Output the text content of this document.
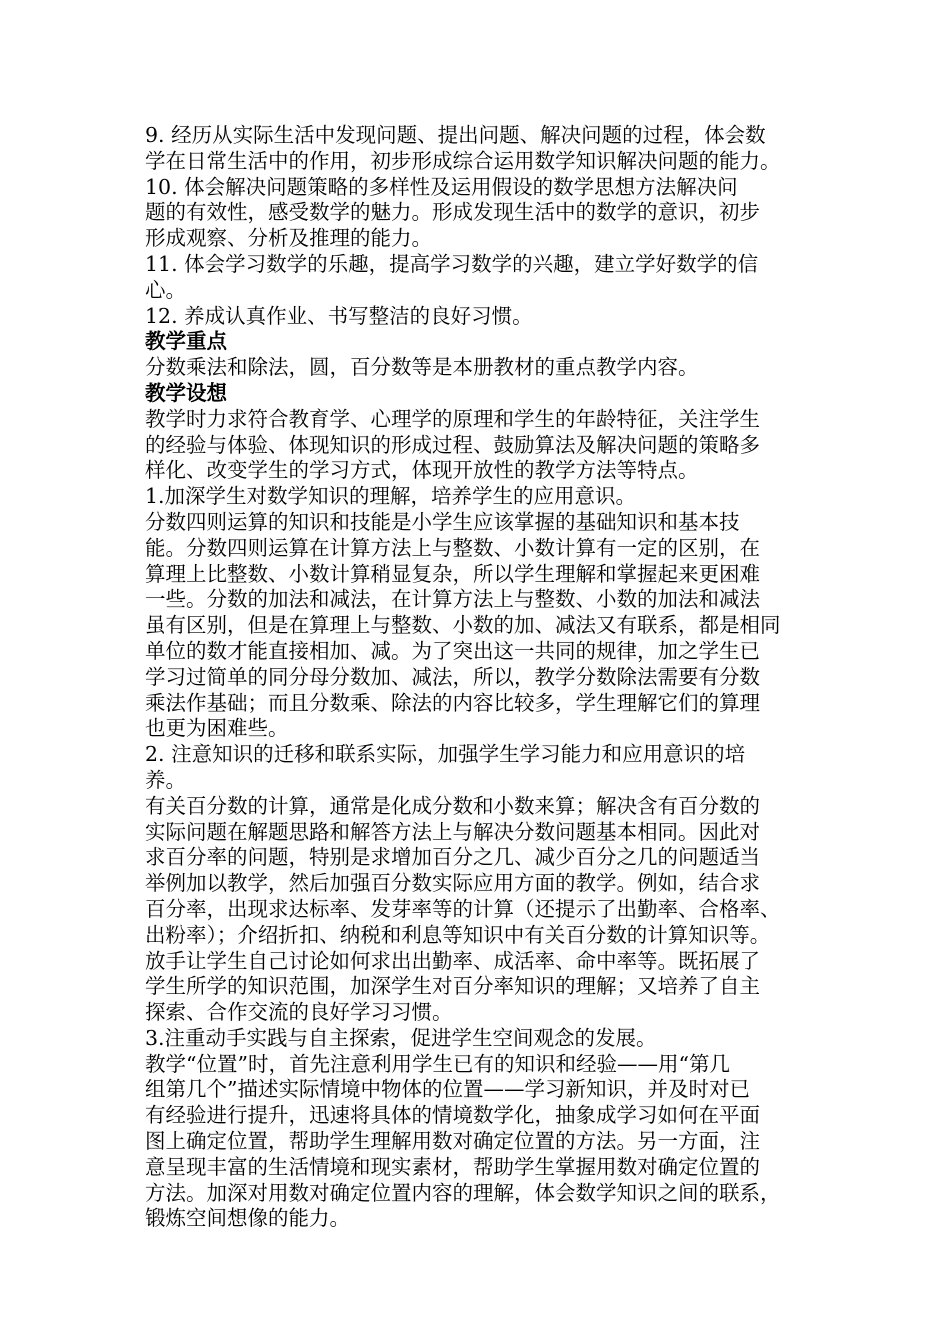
9. 经历从实际生活中发现问题、提出问题、解决问题的过程，体会数
学在日常生活中的作用，初步形成综合运用数学知识解决问题的能力。
10. 体会解决问题策略的多样性及运用假设的数学思想方法解决问
题的有效性，感受数学的魅力。形成发现生活中的数学的意识，初步
形成观察、分析及推理的能力。
11. 体会学习数学的乐趣，提高学习数学的兴趣，建立学好数学的信
心。
12. 养成认真作业、书写整洁的良好习惯。
教学重点
分数乘法和除法，圆，百分数等是本册教材的重点教学内容。
教学设想
教学时力求符合教育学、心理学的原理和学生的年龄特征，关注学生
的经验与体验、体现知识的形成过程、鼓励算法及解决问题的策略多
样化、改变学生的学习方式，体现开放性的教学方法等特点。
1.加深学生对数学知识的理解，培养学生的应用意识。
分数四则运算的知识和技能是小学生应该掌握的基础知识和基本技
能。分数四则运算在计算方法上与整数、小数计算有一定的区别，在
算理上比整数、小数计算稍显复杂，所以学生理解和掌握起来更困难
一些。分数的加法和减法，在计算方法上与整数、小数的加法和减法
虽有区别，但是在算理上与整数、小数的加、减法又有联系，都是相同
单位的数才能直接相加、减。为了突出这一共同的规律，加之学生已
学习过简单的同分母分数加、减法，所以，教学分数除法需要有分数
乘法作基础；而且分数乘、除法的内容比较多，学生理解它们的算理
也更为困难些。
2. 注意知识的迁移和联系实际，加强学生学习能力和应用意识的培
养。
有关百分数的计算，通常是化成分数和小数来算；解决含有百分数的
实际问题在解题思路和解答方法上与解决分数问题基本相同。因此对
求百分率的问题，特别是求增加百分之几、减少百分之几的问题适当
举例加以教学，然后加强百分数实际应用方面的教学。例如，结合求
百分率，出现求达标率、发芽率等的计算（还提示了出勤率、合格率、
出粉率）；介绍折扣、纳税和利息等知识中有关百分数的计算知识等。
放手让学生自己讨论如何求出出勤率、成活率、命中率等。既拓展了
学生所学的知识范围，加深学生对百分率知识的理解；又培养了自主
探索、合作交流的良好学习习惯。
3.注重动手实践与自主探索，促进学生空间观念的发展。
教学“位置”时，首先注意利用学生已有的知识和经验——用“第几
组第几个”描述实际情境中物体的位置——学习新知识，并及时对已
有经验进行提升，迅速将具体的情境数学化，抽象成学习如何在平面
图上确定位置，帮助学生理解用数对确定位置的方法。另一方面，注
意呈现丰富的生活情境和现实素材，帮助学生掌握用数对确定位置的
方法。加深对用数对确定位置内容的理解，体会数学知识之间的联系，
锻炼空间想像的能力。
